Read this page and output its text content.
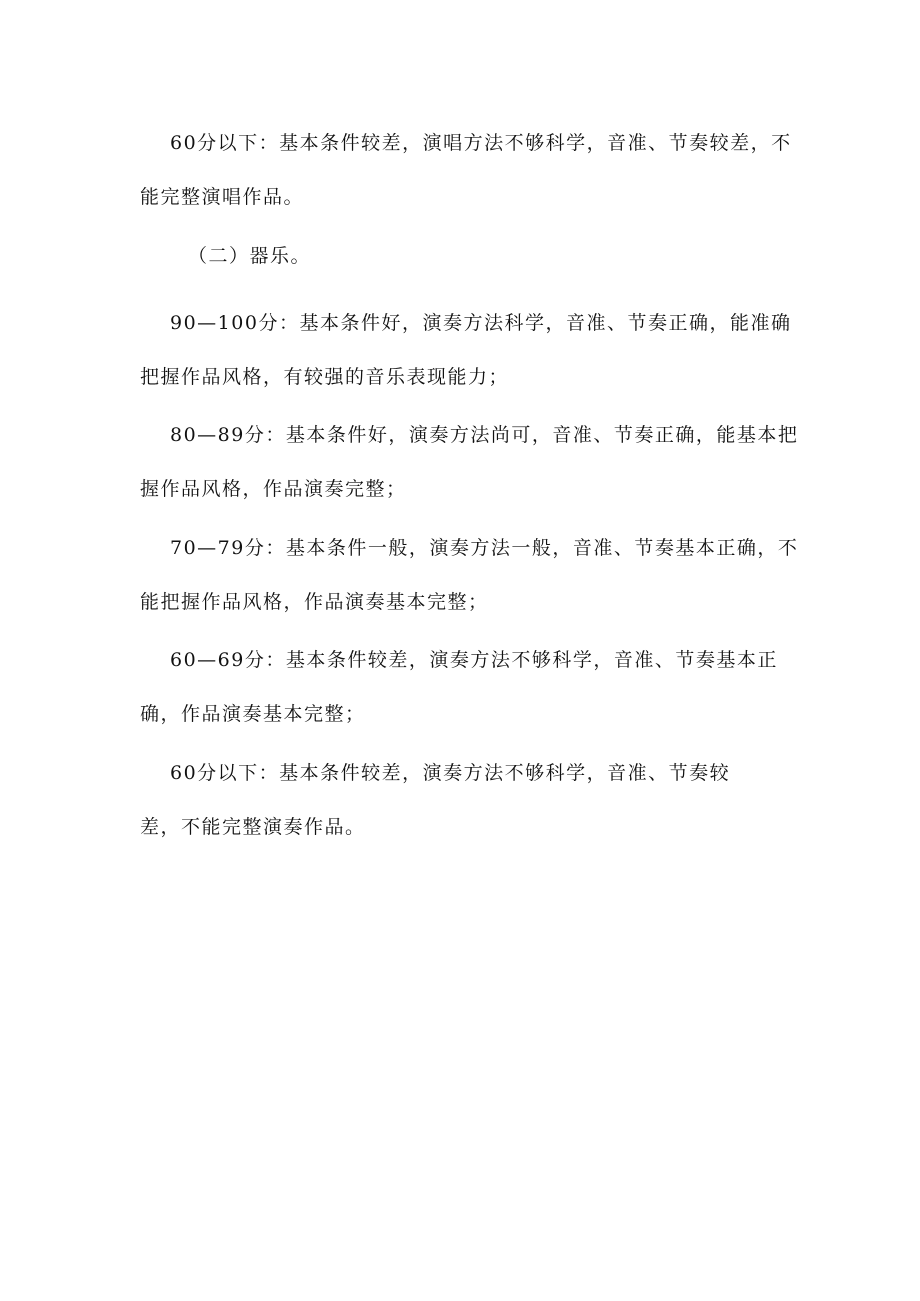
60分以下：基本条件较差，演唱方法不够科学，音准、节奏较差，不
能完整演唱作品。

（二）器乐。

90—100分：基本条件好，演奏方法科学，音准、节奏正确，能准确
把握作品风格，有较强的音乐表现能力；

80—89分：基本条件好，演奏方法尚可，音准、节奏正确，能基本把
握作品风格，作品演奏完整；

70—79分：基本条件一般，演奏方法一般，音准、节奏基本正确，不
能把握作品风格，作品演奏基本完整；

60—69分：基本条件较差，演奏方法不够科学，音准、节奏基本正
确，作品演奏基本完整；

60分以下：基本条件较差，演奏方法不够科学，音准、节奏较
差，不能完整演奏作品。
